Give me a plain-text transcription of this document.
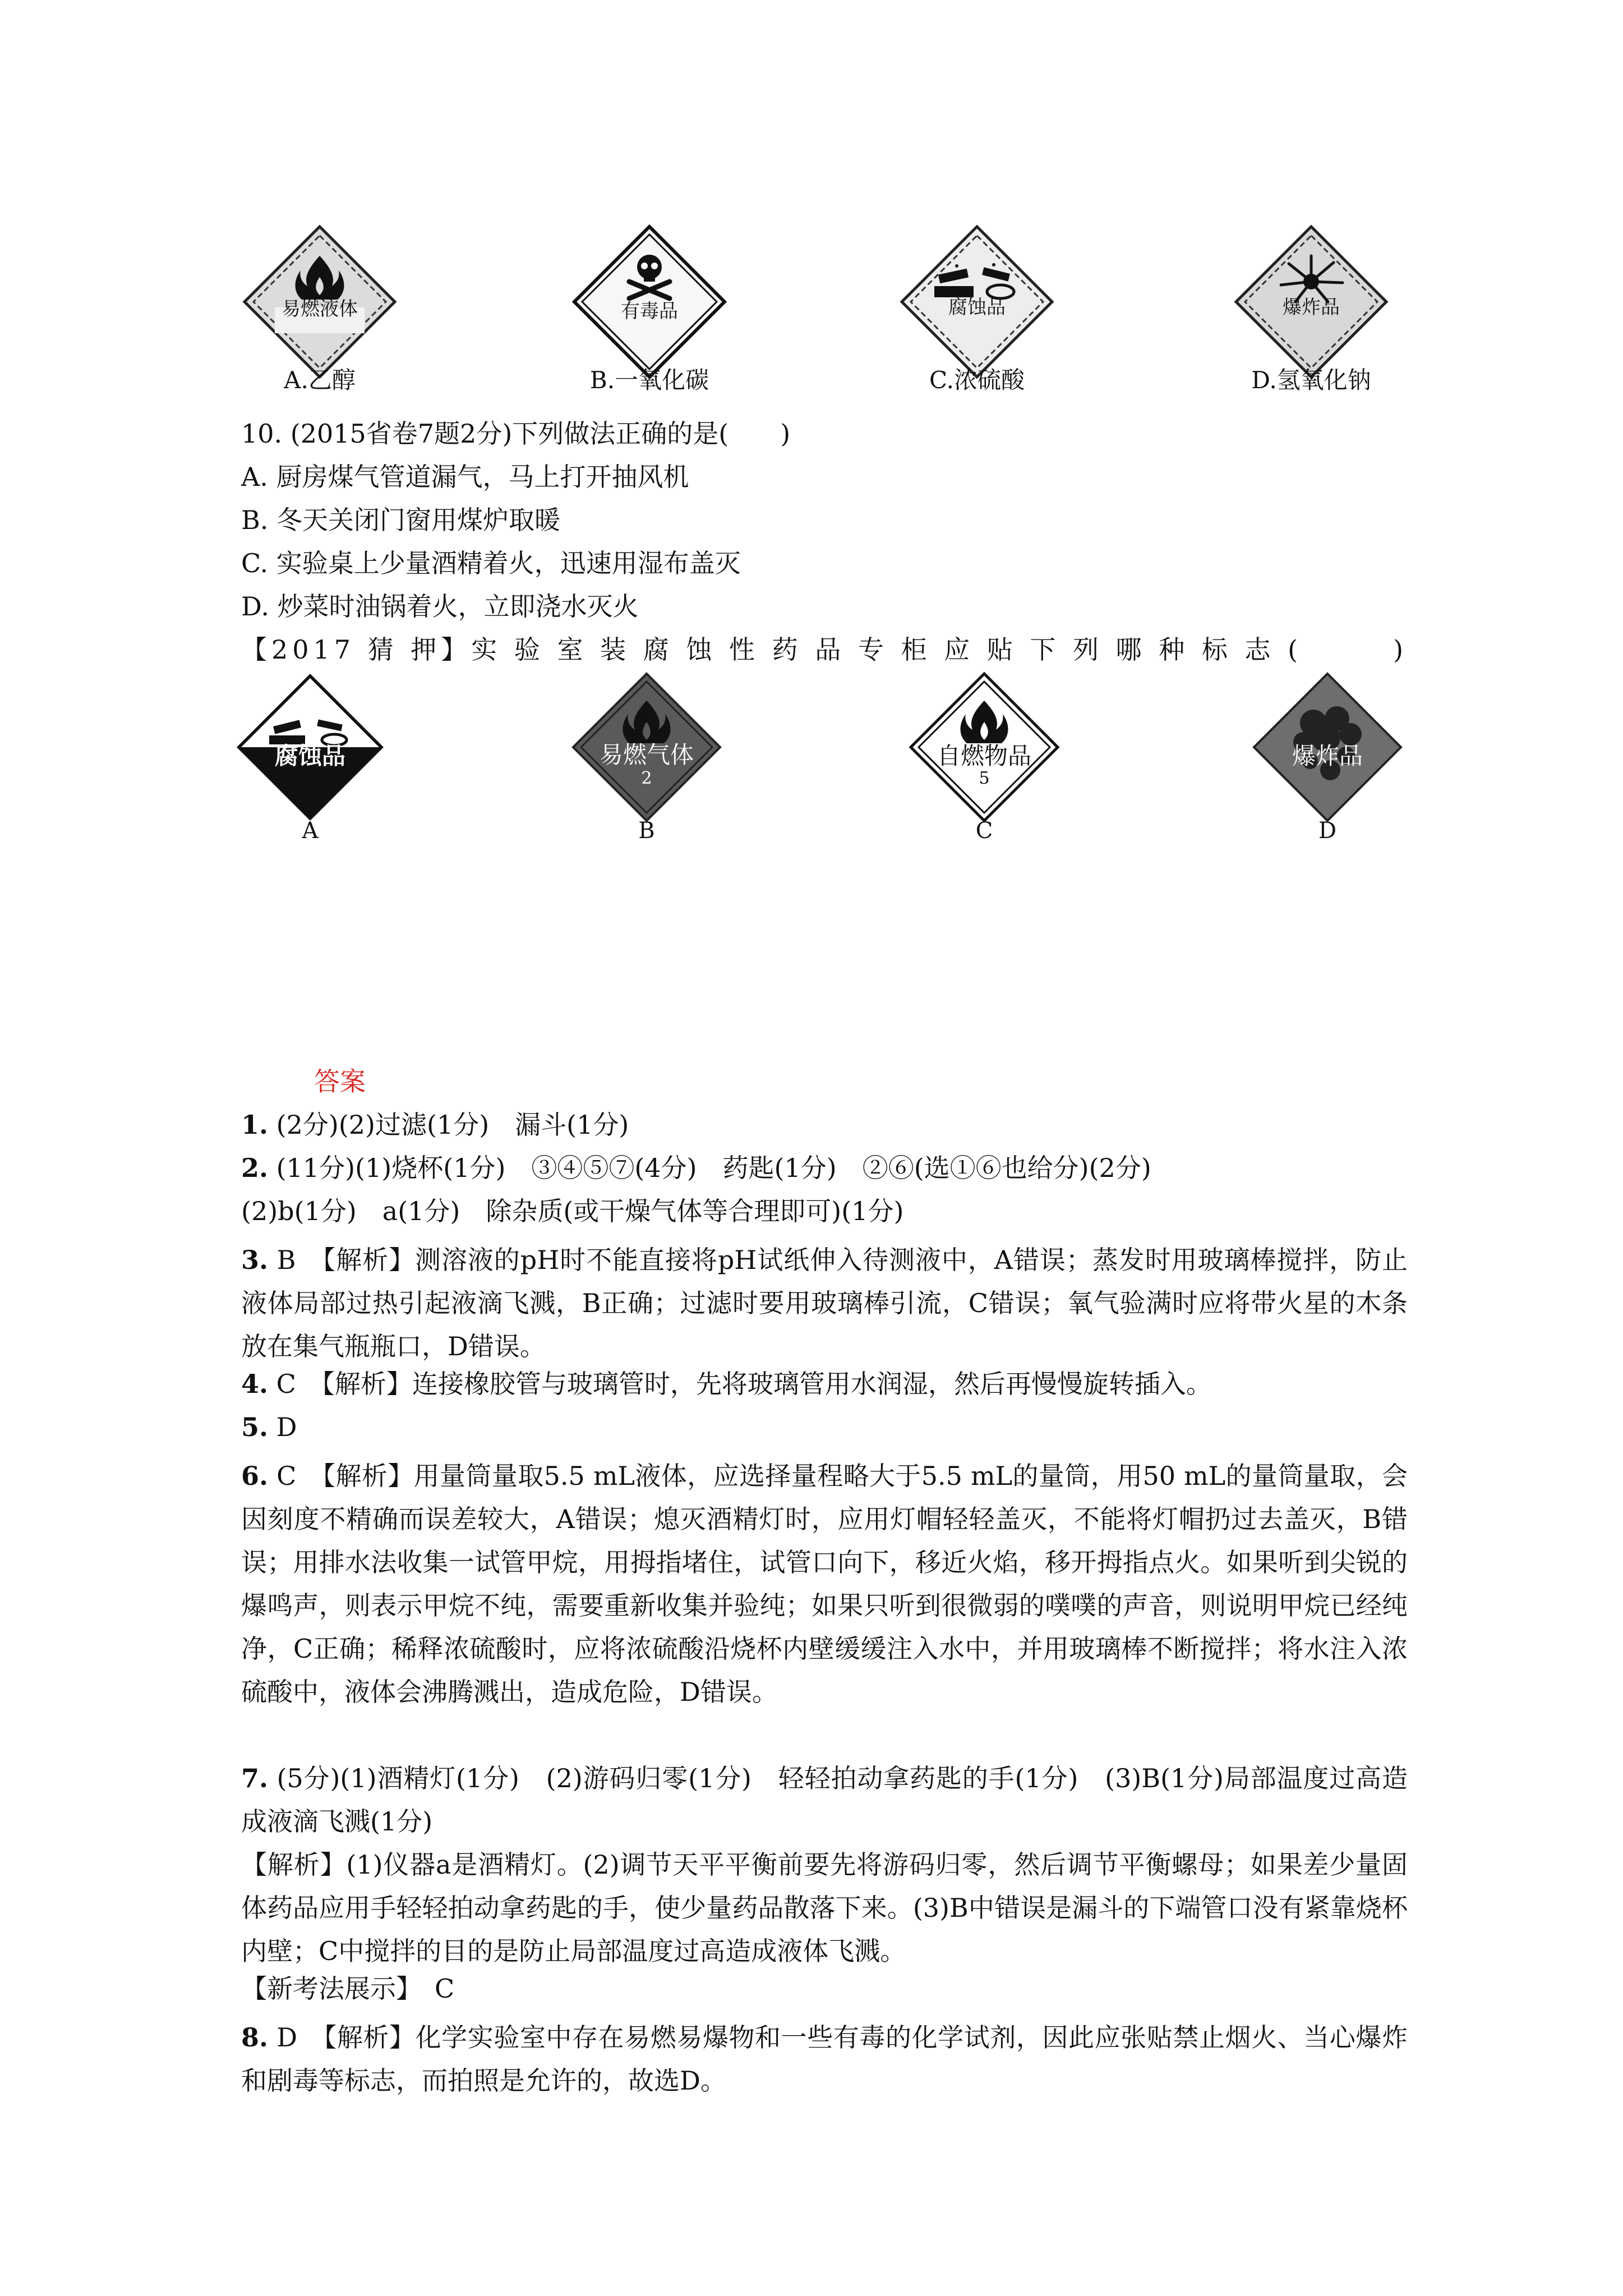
易燃液体
A.乙醇
有毒品
B.一氧化碳
腐蚀品
C.浓硫酸
爆炸品
D.氢氧化钠
10. (2015省卷7题2分)下列做法正确的是(　　)
A. 厨房煤气管道漏气，马上打开抽风机
B. 冬天关闭门窗用煤炉取暖
C. 实验桌上少量酒精着火，迅速用湿布盖灭
D. 炒菜时油锅着火，立即浇水灭火
【2017 猜 押】实 验 室 装 腐 蚀 性 药 品 专 柜 应 贴 下 列 哪 种 标 志 (　　　)
腐蚀品
A
易燃气体
2
B
自燃物品
5
C
爆炸品
D
答案
1. (2分)(2)过滤(1分)　漏斗(1分)
2. (11分)(1)烧杯(1分)　③④⑤⑦(4分)　药匙(1分)　②⑥(选①⑥也给分)(2分)
(2)b(1分)　a(1分)　除杂质(或干燥气体等合理即可)(1分)
3. B　【解析】测溶液的pH时不能直接将pH试纸伸入待测液中，A错误；蒸发时用玻璃棒搅拌，防止液体局部过热引起液滴飞溅，B正确；过滤时要用玻璃棒引流，C错误；氧气验满时应将带火星的木条放在集气瓶瓶口，D错误。
4. C　【解析】连接橡胶管与玻璃管时，先将玻璃管用水润湿，然后再慢慢旋转插入。
5. D
6. C　【解析】用量筒量取5.5 mL液体，应选择量程略大于5.5 mL的量筒，用50 mL的量筒量取，会因刻度不精确而误差较大，A错误；熄灭酒精灯时，应用灯帽轻轻盖灭，不能将灯帽扔过去盖灭，B错误；用排水法收集一试管甲烷，用拇指堵住，试管口向下，移近火焰，移开拇指点火。如果听到尖锐的爆鸣声，则表示甲烷不纯，需要重新收集并验纯；如果只听到很微弱的噗噗的声音，则说明甲烷已经纯净，C正确；稀释浓硫酸时，应将浓硫酸沿烧杯内壁缓缓注入水中，并用玻璃棒不断搅拌；将水注入浓硫酸中，液体会沸腾溅出，造成危险，D错误。
7. (5分)(1)酒精灯(1分)　(2)游码归零(1分)　轻轻拍动拿药匙的手(1分)　(3)B(1分)局部温度过高造成液滴飞溅(1分)
【解析】(1)仪器a是酒精灯。(2)调节天平平衡前要先将游码归零，然后调节平衡螺母；如果差少量固体药品应用手轻轻拍动拿药匙的手，使少量药品散落下来。(3)B中错误是漏斗的下端管口没有紧靠烧杯内壁；C中搅拌的目的是防止局部温度过高造成液体飞溅。
【新考法展示】　C
8. D　【解析】化学实验室中存在易燃易爆物和一些有毒的化学试剂，因此应张贴禁止烟火、当心爆炸和剧毒等标志，而拍照是允许的，故选D。
